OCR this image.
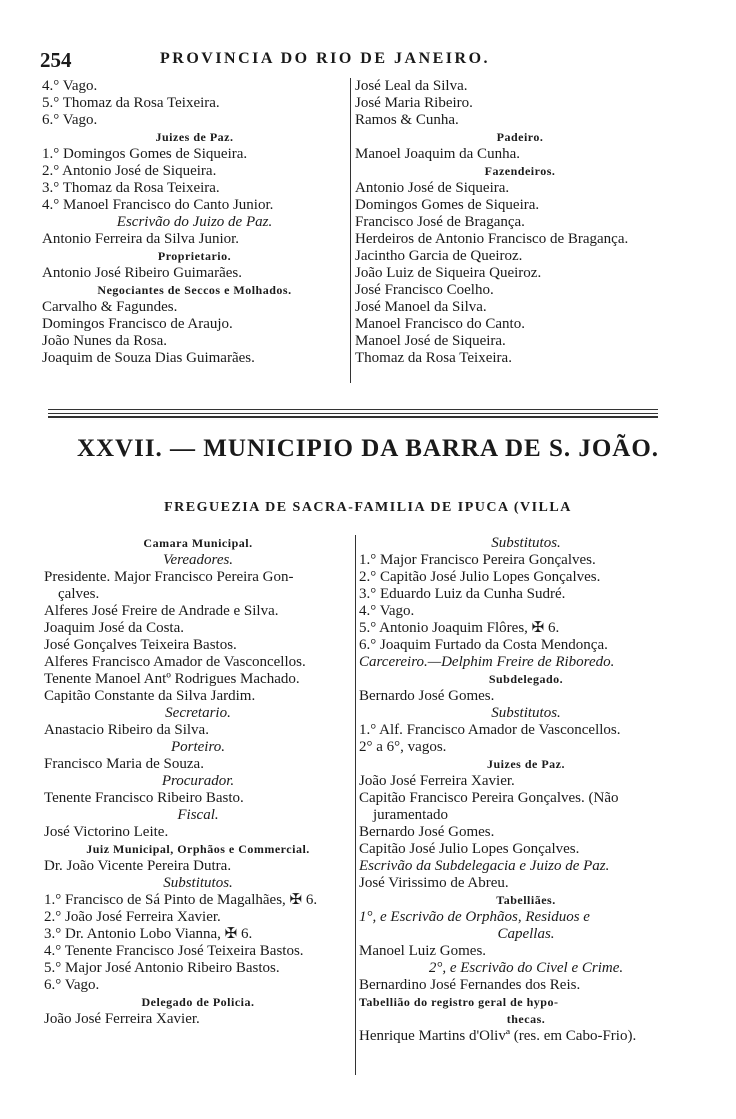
254	PROVINCIA DO RIO DE JANEIRO.
4.° Vago.
5.° Thomaz da Rosa Teixeira.
6.° Vago.
Juizes de Paz.
1.° Domingos Gomes de Siqueira.
2.° Antonio José de Siqueira.
3.° Thomaz da Rosa Teixeira.
4.° Manoel Francisco do Canto Junior.
Escrivão do Juizo de Paz.
Antonio Ferreira da Silva Junior.
Proprietario.
Antonio José Ribeiro Guimarães.
Negociantes de Seccos e Molhados.
Carvalho & Fagundes.
Domingos Francisco de Araujo.
João Nunes da Rosa.
Joaquim de Souza Dias Guimarães.
José Leal da Silva.
José Maria Ribeiro.
Ramos & Cunha.
Padeiro.
Manoel Joaquim da Cunha.
Fazendeiros.
Antonio José de Siqueira.
Domingos Gomes de Siqueira.
Francisco José de Bragança.
Herdeiros de Antonio Francisco de Bragança.
Jacintho Garcia de Queiroz.
João Luiz de Siqueira Queiroz.
José Francisco Coelho.
José Manoel da Silva.
Manoel Francisco do Canto.
Manoel José de Siqueira.
Thomaz da Rosa Teixeira.
XXVII. — MUNICIPIO DA BARRA DE S. JOÃO.
FREGUEZIA DE SACRA-FAMILIA DE IPUCA (VILLA
Camara Municipal.
Vereadores.
Presidente. Major Francisco Pereira Gon-
çalves.
Alferes José Freire de Andrade e Silva.
Joaquim José da Costa.
José Gonçalves Teixeira Bastos.
Alferes Francisco Amador de Vasconcellos.
Tenente Manoel Antº Rodrigues Machado.
Capitão Constante da Silva Jardim.
Secretario.
Anastacio Ribeiro da Silva.
Porteiro.
Francisco Maria de Souza.
Procurador.
Tenente Francisco Ribeiro Basto.
Fiscal.
José Victorino Leite.
Juiz Municipal, Orphãos e Commercial.
Dr. João Vicente Pereira Dutra.
Substitutos.
1.° Francisco de Sá Pinto de Magalhães, ✠ 6.
2.° João José Ferreira Xavier.
3.° Dr. Antonio Lobo Vianna, ✠ 6.
4.° Tenente Francisco José Teixeira Bastos.
5.° Major José Antonio Ribeiro Bastos.
6.° Vago.
Delegado de Policia.
João José Ferreira Xavier.
Substitutos.
1.° Major Francisco Pereira Gonçalves.
2.° Capitão José Julio Lopes Gonçalves.
3.° Eduardo Luiz da Cunha Sudré.
4.° Vago.
5.° Antonio Joaquim Flôres, ✠ 6.
6.° Joaquim Furtado da Costa Mendonça.
Carcereiro.—Delphim Freire de Riboredo.
Subdelegado.
Bernardo José Gomes.
Substitutos.
1.° Alf. Francisco Amador de Vasconcellos.
2° a 6°, vagos.
Juizes de Paz.
João José Ferreira Xavier.
Capitão Francisco Pereira Gonçalves. (Não
juramentado
Bernardo José Gomes.
Capitão José Julio Lopes Gonçalves.
Escrivão da Subdelegacia e Juizo de Paz.
José Virissimo de Abreu.
Tabelliães.
1°, e Escrivão de Orphãos, Residuos e
Capellas.
Manoel Luiz Gomes.
2°, e Escrivão do Civel e Crime.
Bernardino José Fernandes dos Reis.
Tabellião do registro geral de hypo-
thecas.
Henrique Martins d'Olivª (res. em Cabo-Frio).
